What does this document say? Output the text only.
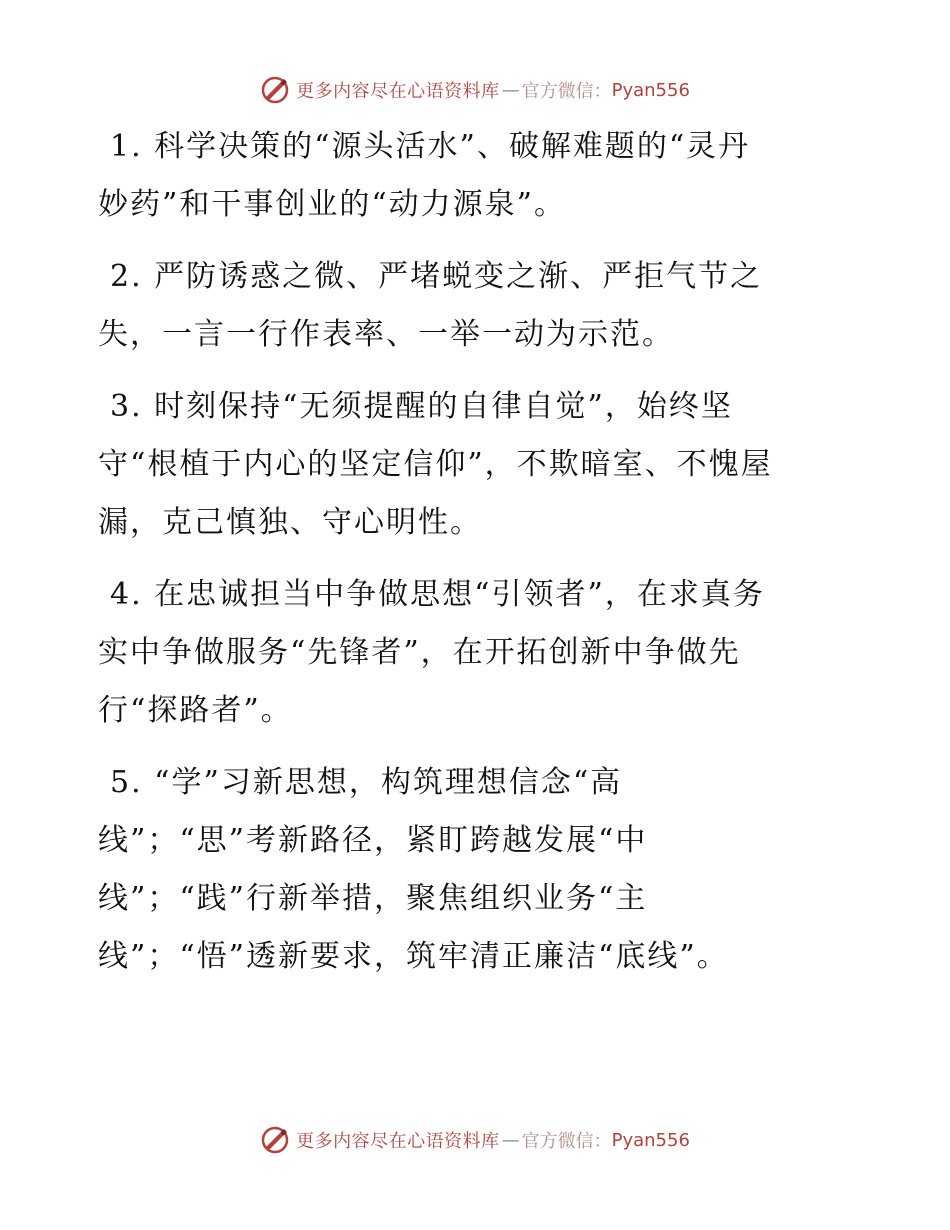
更多内容尽在心语资料库 — 官方微信： Pyan556
1. 科学决策的“源头活水”、破解难题的“灵丹
妙药”和干事创业的“动力源泉”。
2. 严防诱惑之微、严堵蜕变之渐、严拒气节之
失，一言一行作表率、一举一动为示范。
3. 时刻保持“无须提醒的自律自觉”，始终坚
守“根植于内心的坚定信仰”，不欺暗室、不愧屋
漏，克己慎独、守心明性。
4. 在忠诚担当中争做思想“引领者”，在求真务
实中争做服务“先锋者”，在开拓创新中争做先
行“探路者”。
5. “学”习新思想，构筑理想信念“高
线”；“思”考新路径，紧盯跨越发展“中
线”；“践”行新举措，聚焦组织业务“主
线”；“悟”透新要求，筑牢清正廉洁“底线”。
更多内容尽在心语资料库 — 官方微信： Pyan556
